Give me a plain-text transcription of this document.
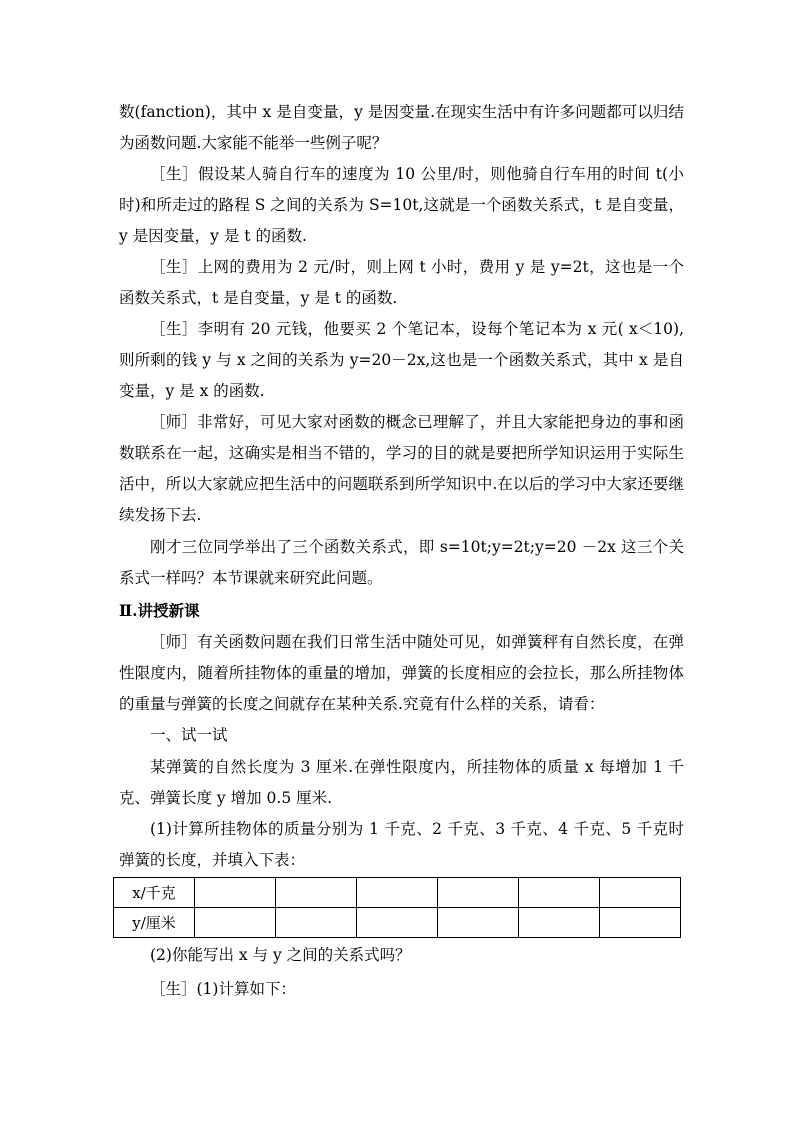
数(fanction)，其中 x 是自变量，y 是因变量.在现实生活中有许多问题都可以归结为函数问题.大家能不能举一些例子呢？

［生］假设某人骑自行车的速度为 10 公里/时，则他骑自行车用的时间 t(小时)和所走过的路程 S 之间的关系为 S=10t,这就是一个函数关系式，t 是自变量，y 是因变量，y 是 t 的函数.

［生］上网的费用为 2 元/时，则上网 t 小时，费用 y 是 y=2t，这也是一个函数关系式，t 是自变量，y 是 t 的函数.

［生］李明有 20 元钱，他要买 2 个笔记本，设每个笔记本为 x 元( x＜10),则所剩的钱 y 与 x 之间的关系为 y=20－2x,这也是一个函数关系式，其中 x 是自变量，y 是 x 的函数.

［师］非常好，可见大家对函数的概念已理解了，并且大家能把身边的事和函数联系在一起，这确实是相当不错的，学习的目的就是要把所学知识运用于实际生活中，所以大家就应把生活中的问题联系到所学知识中.在以后的学习中大家还要继续发扬下去.

刚才三位同学举出了三个函数关系式，即 s=10t;y=2t;y=20 －2x 这三个关系式一样吗？本节课就来研究此问题。

Ⅱ.讲授新课

［师］有关函数问题在我们日常生活中随处可见，如弹簧秤有自然长度，在弹性限度内，随着所挂物体的重量的增加，弹簧的长度相应的会拉长，那么所挂物体的重量与弹簧的长度之间就存在某种关系.究竟有什么样的关系，请看：

一、试一试

某弹簧的自然长度为 3 厘米.在弹性限度内，所挂物体的质量 x 每增加 1 千克、弹簧长度 y 增加 0.5 厘米.

(1)计算所挂物体的质量分别为 1 千克、2 千克、3 千克、4 千克、5 千克时弹簧的长度，并填入下表：

x/千克						
y/厘米						

(2)你能写出 x 与 y 之间的关系式吗？

［生］(1)计算如下：
